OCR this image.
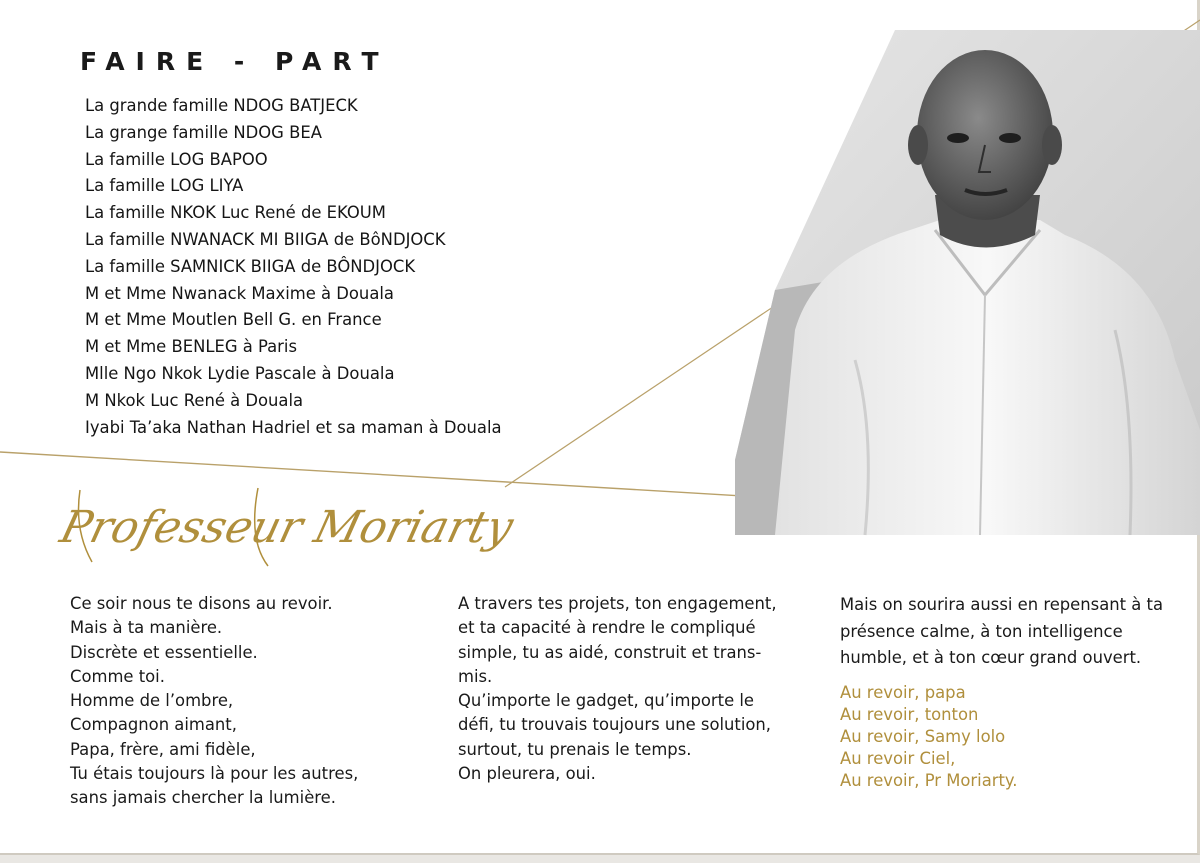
FAIRE - PART
La grande famille NDOG BATJECK
La grange famille NDOG BEA
La famille LOG BAPOO
La famille LOG LIYA
La famille NKOK Luc René de EKOUM
La famille NWANACK MI BIIGA de BôNDJOCK
La famille SAMNICK BIIGA de BÔNDJOCK
M et Mme Nwanack Maxime à Douala
M et Mme Moutlen Bell G. en France
M et Mme BENLEG à Paris
Mlle Ngo Nkok Lydie Pascale à Douala
M Nkok Luc René à Douala
Iyabi Ta’aka Nathan Hadriel et sa maman à Douala
Professeur Moriarty

Ce soir nous te disons au revoir.

Mais à ta manière.

Discrète et essentielle.

Comme toi.

Homme de l’ombre,

Compagnon aimant,

Papa, frère, ami fidèle,

Tu étais toujours là pour les autres,

sans jamais chercher la lumière.

A travers tes projets, ton engagement,

et ta capacité à rendre le compliqué

simple, tu as aidé, construit et trans-

mis.

Qu’importe le gadget, qu’importe le

défi, tu trouvais toujours une solution,

surtout, tu prenais le temps.

On pleurera, oui.

Mais on sourira aussi en repensant à ta

présence calme, à ton intelligence

humble, et à ton cœur grand ouvert.

Au revoir, papa

Au revoir, tonton

Au revoir, Samy lolo

Au revoir Ciel,

Au revoir, Pr Moriarty.
